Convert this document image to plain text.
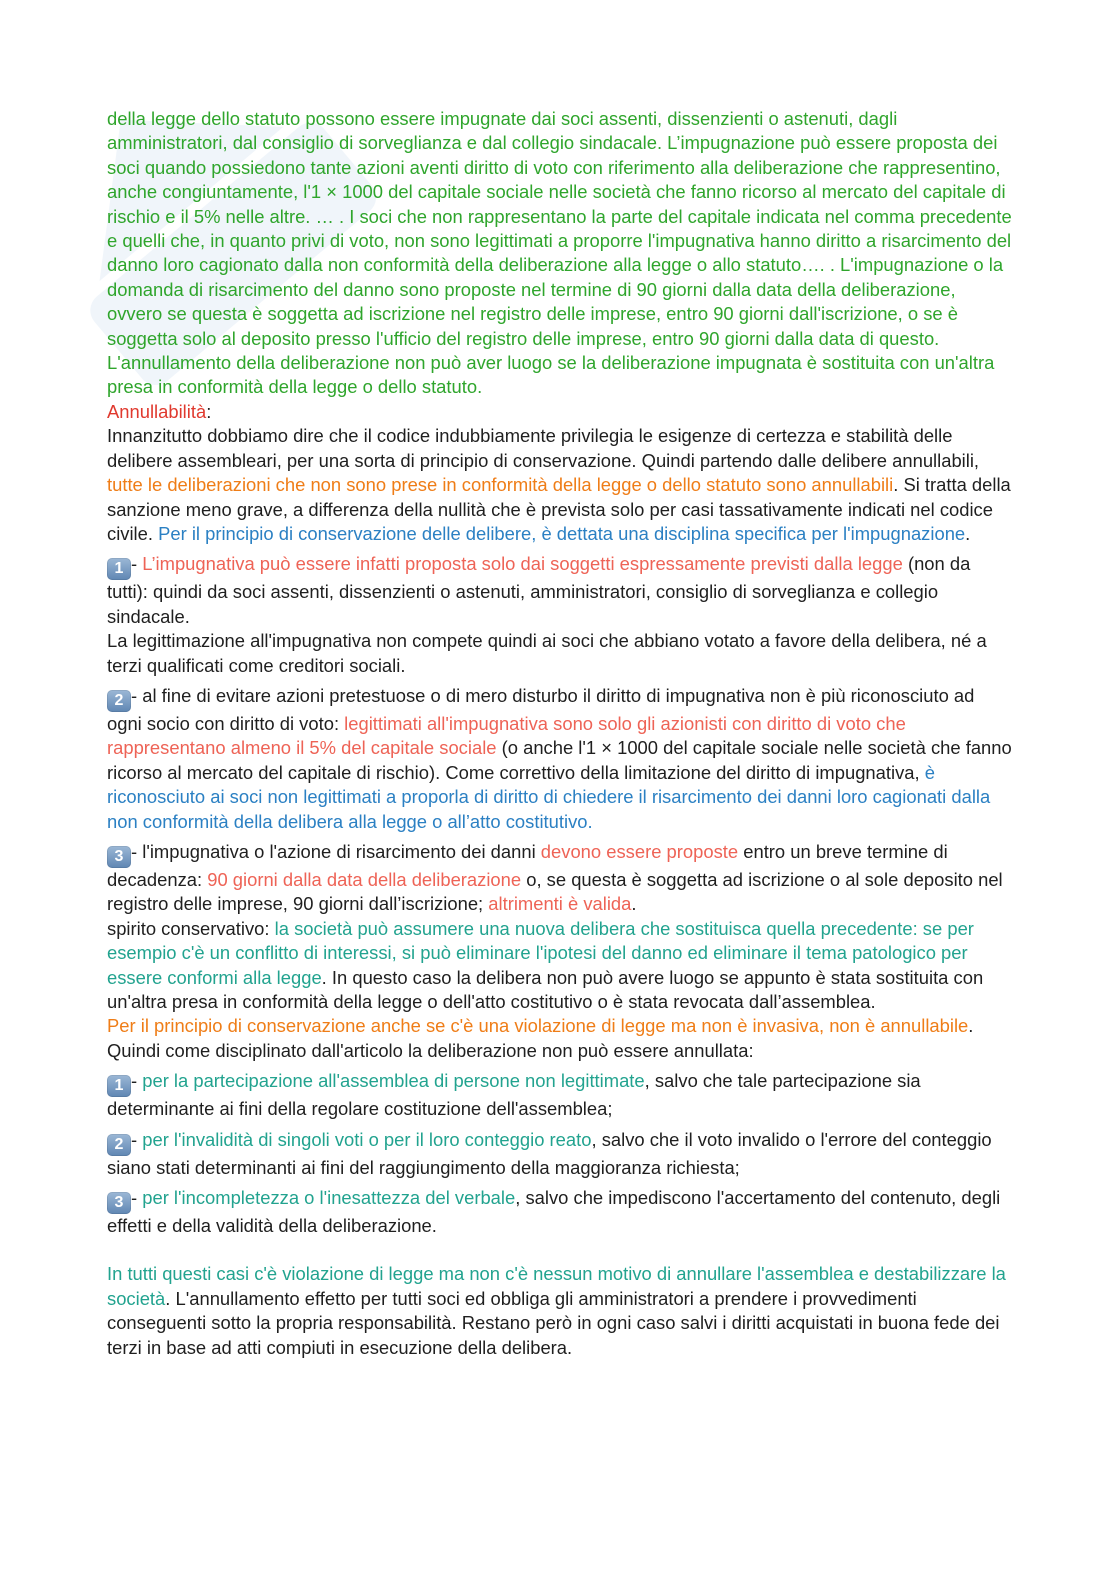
della legge dello statuto possono essere impugnate dai soci assenti, dissenzienti o astenuti, dagli amministratori, dal consiglio di sorveglianza e dal collegio sindacale. L’impugnazione può essere proposta dei soci quando possiedono tante azioni aventi diritto di voto con riferimento alla deliberazione che rappresentino, anche congiuntamente, l'1 × 1000 del capitale sociale nelle società che fanno ricorso al mercato del capitale di rischio e il 5% nelle altre. … . I soci che non rappresentano la parte del capitale indicata nel comma precedente e quelli che, in quanto privi di voto, non sono legittimati a proporre l'impugnativa hanno diritto a risarcimento del danno loro cagionato dalla non conformità della deliberazione alla legge o allo statuto…. . L'impugnazione o la domanda di risarcimento del danno sono proposte nel termine di 90 giorni dalla data della deliberazione, ovvero se questa è soggetta ad iscrizione nel registro delle imprese, entro 90 giorni dall'iscrizione, o se è soggetta solo al deposito presso l'ufficio del registro delle imprese, entro 90 giorni dalla data di questo. L'annullamento della deliberazione non può aver luogo se la deliberazione impugnata è sostituita con un'altra presa in conformità della legge o dello statuto.

Annullabilità:

Innanzitutto dobbiamo dire che il codice indubbiamente privilegia le esigenze di certezza e stabilità delle delibere assembleari, per una sorta di principio di conservazione. Quindi partendo dalle delibere annullabili, tutte le deliberazioni che non sono prese in conformità della legge o dello statuto sono annullabili. Si tratta della sanzione meno grave, a differenza della nullità che è prevista solo per casi tassativamente indicati nel codice civile. Per il principio di conservazione delle delibere, è dettata una disciplina specifica per l'impugnazione.

1 - L’impugnativa può essere infatti proposta solo dai soggetti espressamente previsti dalla legge (non da tutti): quindi da soci assenti, dissenzienti o astenuti, amministratori, consiglio di sorveglianza e collegio sindacale.

La legittimazione all'impugnativa non compete quindi ai soci che abbiano votato a favore della delibera, né a terzi qualificati come creditori sociali.

2 - al fine di evitare azioni pretestuose o di mero disturbo il diritto di impugnativa non è più riconosciuto ad ogni socio con diritto di voto: legittimati all'impugnativa sono solo gli azionisti con diritto di voto che rappresentano almeno il 5% del capitale sociale (o anche l'1 × 1000 del capitale sociale nelle società che fanno ricorso al mercato del capitale di rischio). Come correttivo della limitazione del diritto di impugnativa, è riconosciuto ai soci non legittimati a proporla di diritto di chiedere il risarcimento dei danni loro cagionati dalla non conformità della delibera alla legge o all’atto costitutivo.

3 - l'impugnativa o l'azione di risarcimento dei danni devono essere proposte entro un breve termine di decadenza: 90 giorni dalla data della deliberazione o, se questa è soggetta ad iscrizione o al sole deposito nel registro delle imprese, 90 giorni dall’iscrizione; altrimenti è valida.

spirito conservativo: la società può assumere una nuova delibera che sostituisca quella precedente: se per esempio c'è un conflitto di interessi, si può eliminare l'ipotesi del danno ed eliminare il tema patologico per essere conformi alla legge. In questo caso la delibera non può avere luogo se appunto è stata sostituita con un'altra presa in conformità della legge o dell'atto costitutivo o è stata revocata dall’assemblea.

Per il principio di conservazione anche se c'è una violazione di legge ma non è invasiva, non è annullabile. Quindi come disciplinato dall'articolo la deliberazione non può essere annullata:

1 - per la partecipazione all'assemblea di persone non legittimate, salvo che tale partecipazione sia determinante ai fini della regolare costituzione dell'assemblea;

2 - per l'invalidità di singoli voti o per il loro conteggio reato, salvo che il voto invalido o l'errore del conteggio siano stati determinanti ai fini del raggiungimento della maggioranza richiesta;

3 - per l'incompletezza o l'inesattezza del verbale, salvo che impediscono l'accertamento del contenuto, degli effetti e della validità della deliberazione.

In tutti questi casi c'è violazione di legge ma non c'è nessun motivo di annullare l'assemblea e destabilizzare la società. L'annullamento effetto per tutti soci ed obbliga gli amministratori a prendere i provvedimenti conseguenti sotto la propria responsabilità. Restano però in ogni caso salvi i diritti acquistati in buona fede dei terzi in base ad atti compiuti in esecuzione della delibera.
